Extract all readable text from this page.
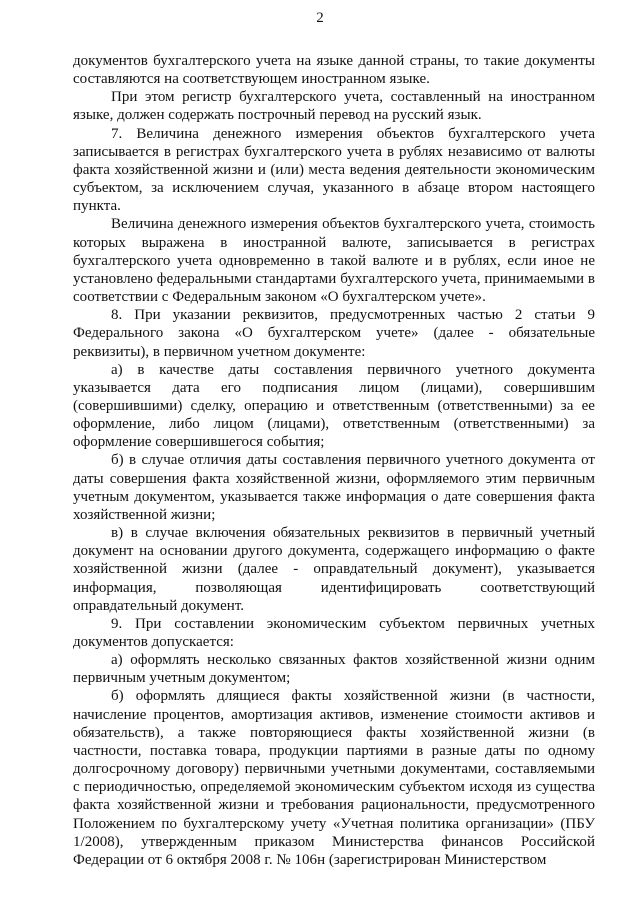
2

документов бухгалтерского учета на языке данной страны, то такие документы составляются на соответствующем иностранном языке.

При этом регистр бухгалтерского учета, составленный на иностранном языке, должен содержать построчный перевод на русский язык.

7. Величина денежного измерения объектов бухгалтерского учета записывается в регистрах бухгалтерского учета в рублях независимо от валюты факта хозяйственной жизни и (или) места ведения деятельности экономическим субъектом, за исключением случая, указанного в абзаце втором настоящего пункта.

Величина денежного измерения объектов бухгалтерского учета, стоимость которых выражена в иностранной валюте, записывается в регистрах бухгалтерского учета одновременно в такой валюте и в рублях, если иное не установлено федеральными стандартами бухгалтерского учета, принимаемыми в соответствии с Федеральным законом «О бухгалтерском учете».

8. При указании реквизитов, предусмотренных частью 2 статьи 9 Федерального закона «О бухгалтерском учете» (далее - обязательные реквизиты), в первичном учетном документе:

а) в качестве даты составления первичного учетного документа указывается дата его подписания лицом (лицами), совершившим (совершившими) сделку, операцию и ответственным (ответственными) за ее оформление, либо лицом (лицами), ответственным (ответственными) за оформление совершившегося события;

б) в случае отличия даты составления первичного учетного документа от даты совершения факта хозяйственной жизни, оформляемого этим первичным учетным документом, указывается также информация о дате совершения факта хозяйственной жизни;

в) в случае включения обязательных реквизитов в первичный учетный документ на основании другого документа, содержащего информацию о факте хозяйственной жизни (далее - оправдательный документ), указывается информация, позволяющая идентифицировать соответствующий оправдательный документ.

9. При составлении экономическим субъектом первичных учетных документов допускается:

а) оформлять несколько связанных фактов хозяйственной жизни одним первичным учетным документом;

б) оформлять длящиеся факты хозяйственной жизни (в частности, начисление процентов, амортизация активов, изменение стоимости активов и обязательств), а также повторяющиеся факты хозяйственной жизни (в частности, поставка товара, продукции партиями в разные даты по одному долгосрочному договору) первичными учетными документами, составляемыми с периодичностью, определяемой экономическим субъектом исходя из существа факта хозяйственной жизни и требования рациональности, предусмотренного Положением по бухгалтерскому учету «Учетная политика организации» (ПБУ 1/2008), утвержденным приказом Министерства финансов Российской Федерации от 6 октября 2008 г. № 106н (зарегистрирован Министерством
